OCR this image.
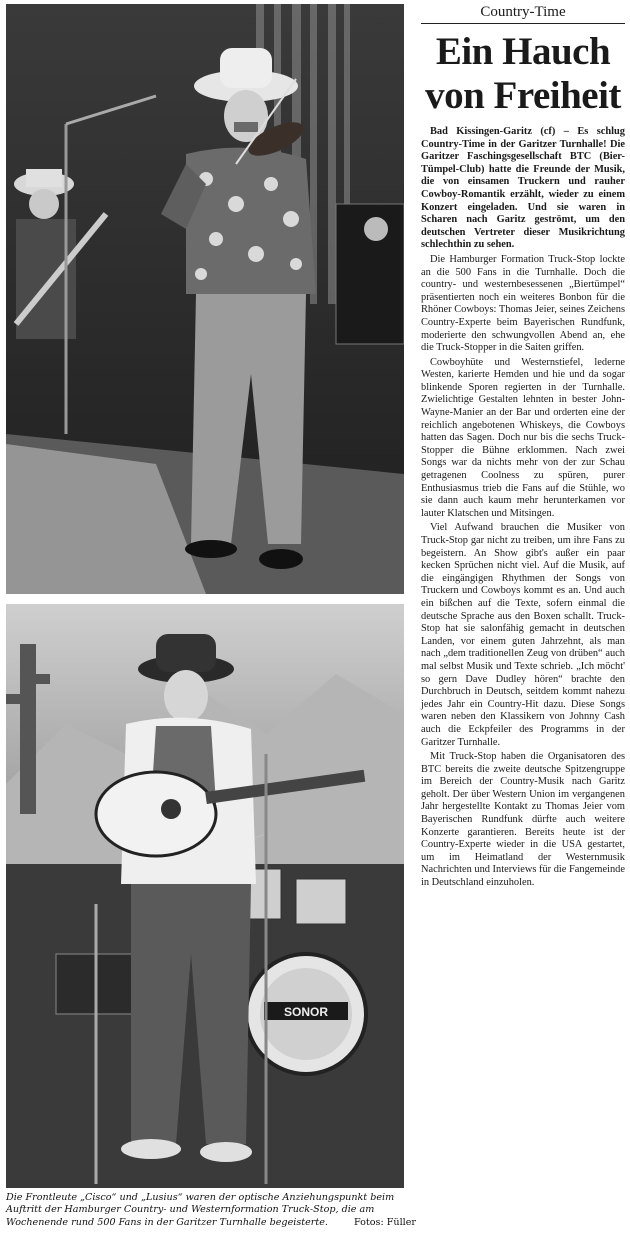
SONOR

Die Frontleute „Cisco“ und „Lusius“ waren der optische Anziehungspunkt beim Auftritt der Hamburger Country- und Westernformation Truck-Stop, die am Wochenende rund 500 Fans in der Garitzer Turnhalle begeisterte.	Fotos: Füller

Country-Time

Ein Hauch von Freiheit

Bad Kissingen-Garitz (cf) – Es schlug Country-Time in der Garitzer Turnhalle! Die Garitzer Faschingsgesellschaft BTC (Bier-Tümpel-Club) hatte die Freunde der Musik, die von einsamen Truckern und rauher Cowboy-Romantik erzählt, wieder zu einem Konzert eingeladen. Und sie waren in Scharen nach Garitz geströmt, um den deutschen Vertreter dieser Musikrichtung schlechthin zu sehen.

Die Hamburger Formation Truck-Stop lockte an die 500 Fans in die Turnhalle. Doch die country- und westernbesessenen „Biertümpel“ präsentierten noch ein weiteres Bonbon für die Rhöner Cowboys: Thomas Jeier, seines Zeichens Country-Experte beim Bayerischen Rundfunk, moderierte den schwungvollen Abend an, ehe die Truck-Stopper in die Saiten griffen.

Cowboyhüte und Westernstiefel, lederne Westen, karierte Hemden und hie und da sogar blinkende Sporen regierten in der Turnhalle. Zwielichtige Gestalten lehnten in bester John-Wayne-Manier an der Bar und orderten eine der reichlich angebotenen Whiskeys, die Cowboys hatten das Sagen. Doch nur bis die sechs Truck-Stopper die Bühne erklommen. Nach zwei Songs war da nichts mehr von der zur Schau getragenen Coolness zu spüren, purer Enthusiasmus trieb die Fans auf die Stühle, wo sie dann auch kaum mehr herunterkamen vor lauter Klatschen und Mitsingen.

Viel Aufwand brauchen die Musiker von Truck-Stop gar nicht zu treiben, um ihre Fans zu begeistern. An Show gibt's außer ein paar kecken Sprüchen nicht viel. Auf die Musik, auf die eingängigen Rhythmen der Songs von Truckern und Cowboys kommt es an. Und auch ein bißchen auf die Texte, sofern einmal die deutsche Sprache aus den Boxen schallt. Truck-Stop hat sie salonfähig gemacht in deutschen Landen, vor einem guten Jahrzehnt, als man nach „dem traditionellen Zeug von drüben“ auch mal selbst Musik und Texte schrieb. „Ich möcht' so gern Dave Dudley hören“ brachte den Durchbruch in Deutsch, seitdem kommt nahezu jedes Jahr ein Country-Hit dazu. Diese Songs waren neben den Klassikern von Johnny Cash auch die Eckpfeiler des Programms in der Garitzer Turnhalle.

Mit Truck-Stop haben die Organisatoren des BTC bereits die zweite deutsche Spitzengruppe im Bereich der Country-Musik nach Garitz geholt. Der über Western Union im vergangenen Jahr hergestellte Kontakt zu Thomas Jeier vom Bayerischen Rundfunk dürfte auch weitere Konzerte garantieren. Bereits heute ist der Country-Experte wieder in die USA gestartet, um im Heimatland der Westernmusik Nachrichten und Interviews für die Fangemeinde in Deutschland einzuholen.
